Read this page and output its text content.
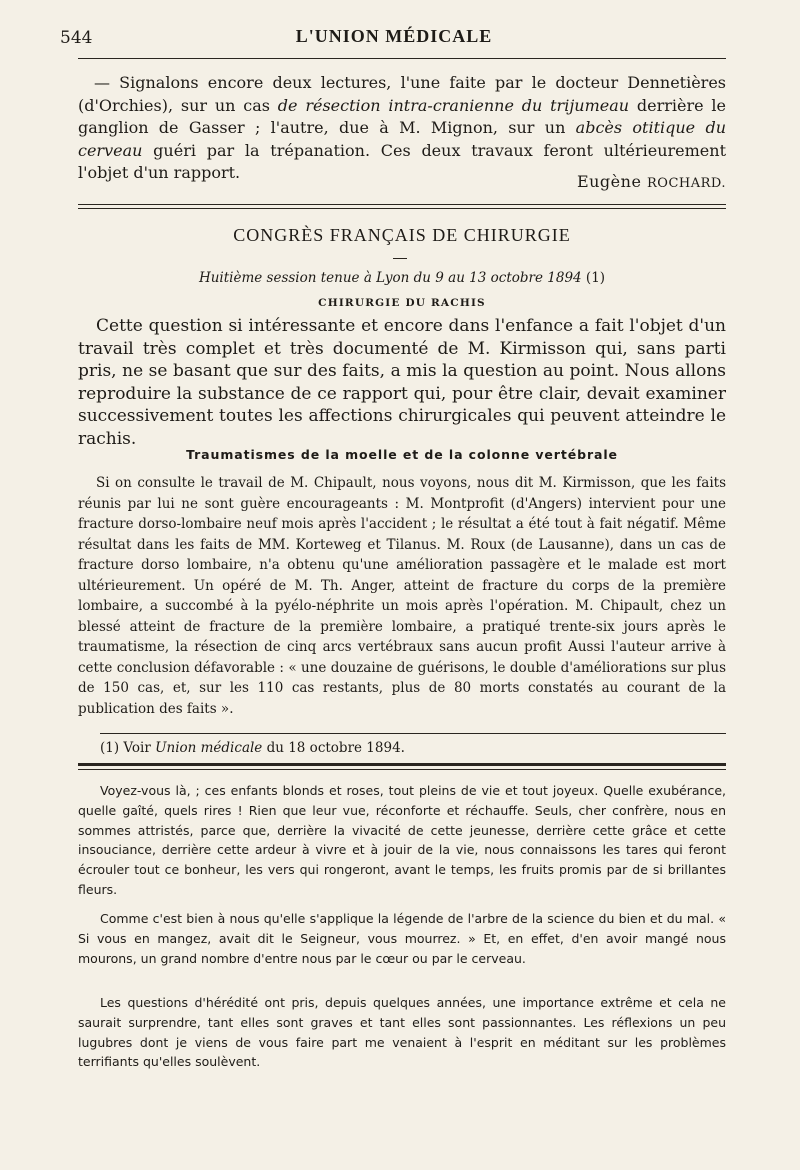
544	L'UNION MÉDICALE
— Signalons encore deux lectures, l'une faite par le docteur Dennetières (d'Orchies), sur un cas de résection intra-cranienne du trijumeau derrière le ganglion de Gasser ; l'autre, due à M. Mignon, sur un abcès otitique du cerveau guéri par la trépanation. Ces deux travaux feront ultérieurement l'objet d'un rapport.	Eugène ROCHARD.
CONGRÈS FRANÇAIS DE CHIRURGIE
Huitième session tenue à Lyon du 9 au 13 octobre 1894 (1)
CHIRURGIE DU RACHIS
Cette question si intéressante et encore dans l'enfance a fait l'objet d'un travail très complet et très documenté de M. Kirmisson qui, sans parti pris, ne se basant que sur des faits, a mis la question au point. Nous allons reproduire la substance de ce rapport qui, pour être clair, devait examiner successivement toutes les affections chirurgicales qui peuvent atteindre le rachis.
Traumatismes de la moelle et de la colonne vertébrale
Si on consulte le travail de M. Chipault, nous voyons, nous dit M. Kirmisson, que les faits réunis par lui ne sont guère encourageants : M. Montprofit (d'Angers) intervient pour une fracture dorso-lombaire neuf mois après l'accident ; le résultat a été tout à fait négatif. Même résultat dans les faits de MM. Korteweg et Tilanus. M. Roux (de Lausanne), dans un cas de fracture dorso lombaire, n'a obtenu qu'une amélioration passagère et le malade est mort ultérieurement. Un opéré de M. Th. Anger, atteint de fracture du corps de la première lombaire, a succombé à la pyélo-néphrite un mois après l'opération. M. Chipault, chez un blessé atteint de fracture de la première lombaire, a pratiqué trente-six jours après le traumatisme, la résection de cinq arcs vertébraux sans aucun profit Aussi l'auteur arrive à cette conclusion défavorable : « une douzaine de guérisons, le double d'améliorations sur plus de 150 cas, et, sur les 110 cas restants, plus de 80 morts constatés au courant de la publication des faits ».
(1) Voir Union médicale du 18 octobre 1894.
Voyez-vous là, ; ces enfants blonds et roses, tout pleins de vie et tout joyeux. Quelle exubérance, quelle gaîté, quels rires ! Rien que leur vue, réconforte et réchauffe. Seuls, cher confrère, nous en sommes attristés, parce que, derrière la vivacité de cette jeunesse, derrière cette grâce et cette insouciance, derrière cette ardeur à vivre et à jouir de la vie, nous connaissons les tares qui feront écrouler tout ce bonheur, les vers qui rongeront, avant le temps, les fruits promis par de si brillantes fleurs.
Comme c'est bien à nous qu'elle s'applique la légende de l'arbre de la science du bien et du mal. « Si vous en mangez, avait dit le Seigneur, vous mourrez. » Et, en effet, d'en avoir mangé nous mourons, un grand nombre d'entre nous par le cœur ou par le cerveau.
Les questions d'hérédité ont pris, depuis quelques années, une importance extrême et cela ne saurait surprendre, tant elles sont graves et tant elles sont passionnantes. Les réflexions un peu lugubres dont je viens de vous faire part me venaient à l'esprit en méditant sur les problèmes terrifiants qu'elles soulèvent.
